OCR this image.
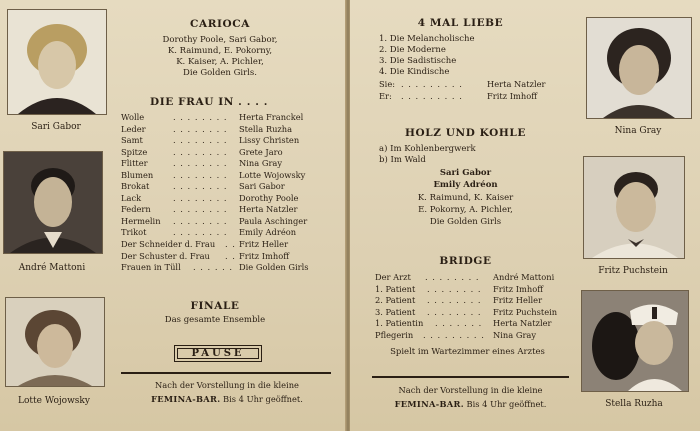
Sari Gabor
André Mattoni
Lotte Wojowsky
CARIOCA
Dorothy Poole, Sari Gabor,
K. Raimund, E. Pokorny,
K. Kaiser, A. Pichler,
Die Golden Girls.
DIE FRAU IN . . . .
Wolle	. . . . . . . . Herta Franckel
Leder	. . . . . . . . Stella Ruzha
Samt	. . . . . . . . Lissy Christen
Spitze	. . . . . . . . Grete Jaro
Flitter	. . . . . . . . Nina Gray
Blumen . . . . . . . . Lotte Wojowsky
Brokat	. . . . . . . . Sari Gabor
Lack	. . . . . . . . Dorothy Poole
Federn	. . . . . . . . Herta Natzler
Hermelin . . . . . . . . Paula Aschinger
Trikot	. . . . . . . . Emily Adréon
Der Schneider d. Frau . . Fritz Heller
Der Schuster d. Frau . . Fritz Imhoff
Frauen in Tüll . . . . . . Die Golden Girls
FINALE
Das gesamte Ensemble
PAUSE
Nach der Vorstellung in die kleine
FEMINA-BAR. Bis 4 Uhr geöffnet.
4 MAL LIEBE
1. Die Melancholische
2. Die Moderne
3. Die Sadistische
4. Die Kindische
Sie: . . . . . . . . .	Herta Natzler
Er: . . . . . . . . .	Fritz Imhoff
HOLZ UND KOHLE
a) Im Kohlenbergwerk
b) Im Wald
Sari Gabor
Emily Adréon
K. Raimund, K. Kaiser
E. Pokorny, A. Pichler,
Die Golden Girls
BRIDGE
Der Arzt . . . . . . . . André Mattoni
1. Patient . . . . . . . . Fritz Imhoff
2. Patient . . . . . . . . Fritz Heller
3. Patient . . . . . . . . Fritz Puchstein
1. Patientin . . . . . . . Herta Natzler
Pflegerin . . . . . . . . . Nina Gray
Spielt im Wartezimmer eines Arztes
Nach der Vorstellung in die kleine
FEMINA-BAR. Bis 4 Uhr geöffnet.
Nina Gray
Fritz Puchstein
Stella Ruzha
